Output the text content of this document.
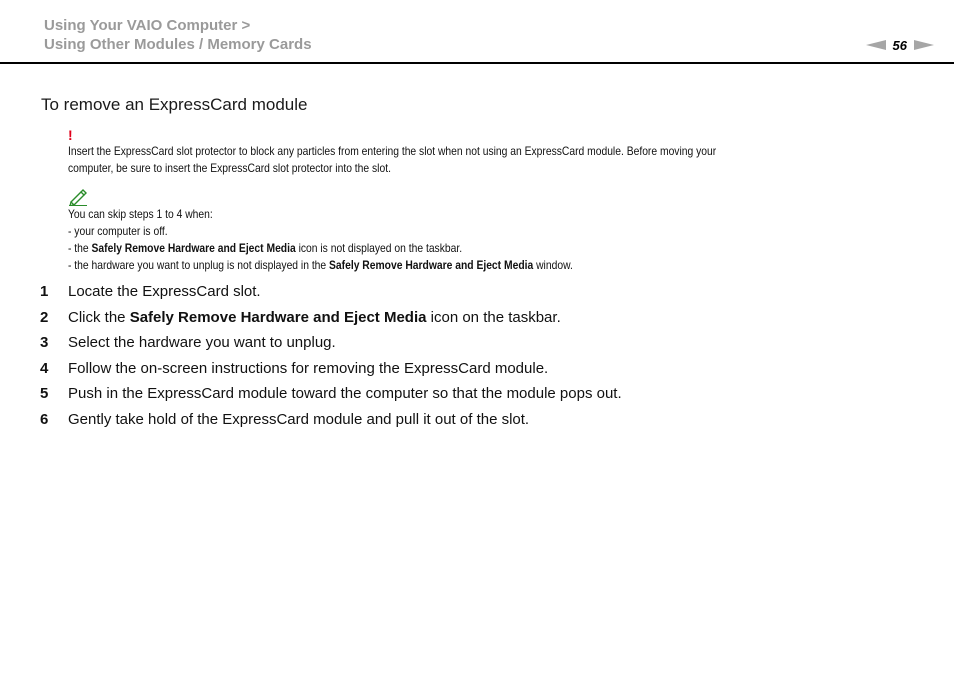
Using Your VAIO Computer >
Using Other Modules / Memory Cards	56
To remove an ExpressCard module
!
Insert the ExpressCard slot protector to block any particles from entering the slot when not using an ExpressCard module. Before moving your
computer, be sure to insert the ExpressCard slot protector into the slot.
You can skip steps 1 to 4 when:
- your computer is off.
- the Safely Remove Hardware and Eject Media icon is not displayed on the taskbar.
- the hardware you want to unplug is not displayed in the Safely Remove Hardware and Eject Media window.
1	Locate the ExpressCard slot.
2	Click the Safely Remove Hardware and Eject Media icon on the taskbar.
3	Select the hardware you want to unplug.
4	Follow the on-screen instructions for removing the ExpressCard module.
5	Push in the ExpressCard module toward the computer so that the module pops out.
6	Gently take hold of the ExpressCard module and pull it out of the slot.
